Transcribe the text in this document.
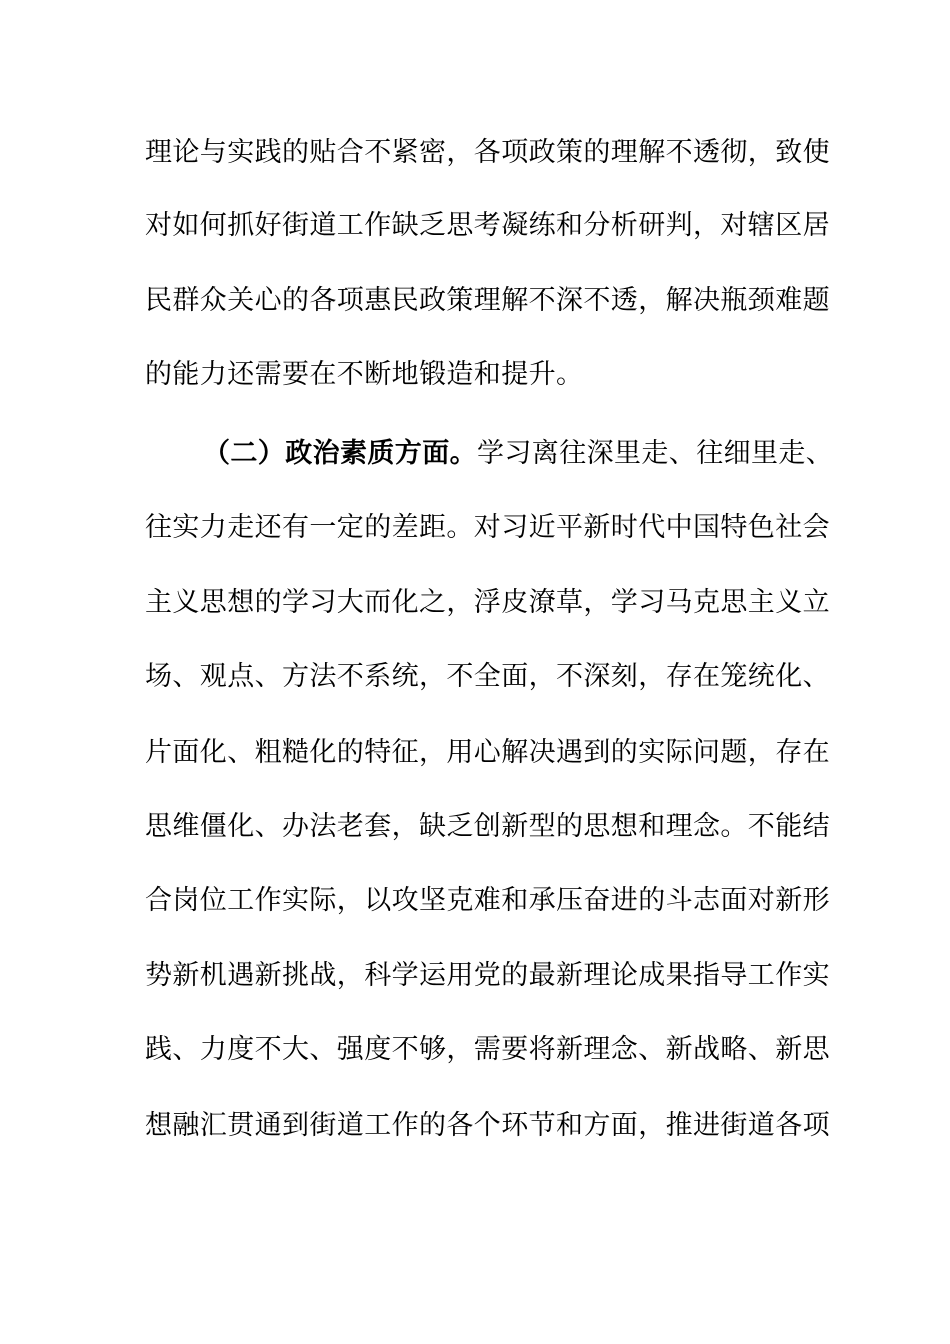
理论与实践的贴合不紧密，各项政策的理解不透彻，致使
对如何抓好街道工作缺乏思考凝练和分析研判，对辖区居
民群众关心的各项惠民政策理解不深不透，解决瓶颈难题
的能力还需要在不断地锻造和提升。
（二）政治素质方面。学习离往深里走、往细里走、
往实力走还有一定的差距。对习近平新时代中国特色社会
主义思想的学习大而化之，浮皮潦草，学习马克思主义立
场、观点、方法不系统，不全面，不深刻，存在笼统化、
片面化、粗糙化的特征，用心解决遇到的实际问题，存在
思维僵化、办法老套，缺乏创新型的思想和理念。不能结
合岗位工作实际，以攻坚克难和承压奋进的斗志面对新形
势新机遇新挑战，科学运用党的最新理论成果指导工作实
践、力度不大、强度不够，需要将新理念、新战略、新思
想融汇贯通到街道工作的各个环节和方面，推进街道各项
